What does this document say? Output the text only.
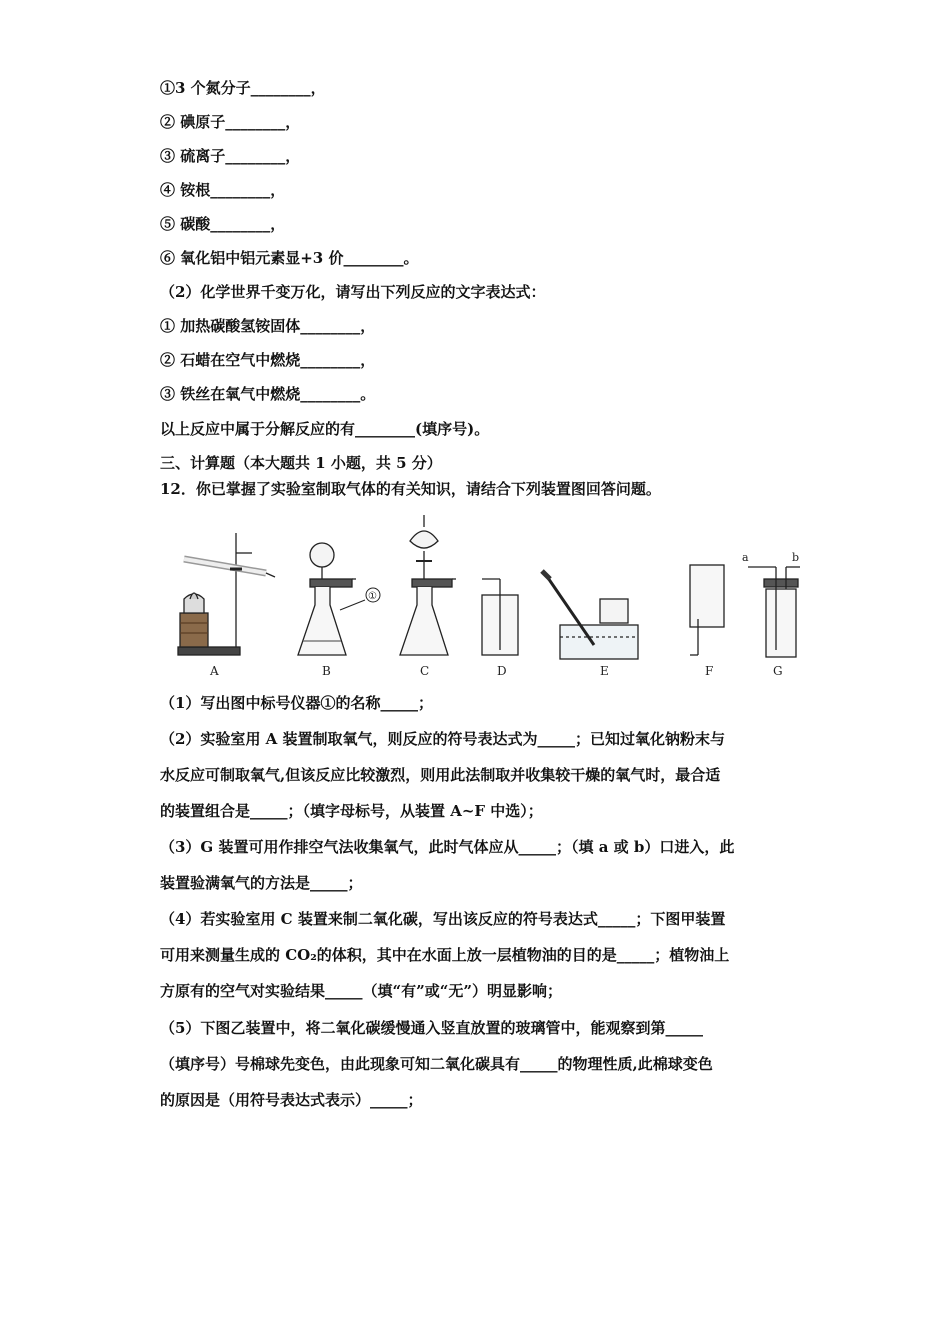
①3 个氮分子________，
② 碘原子________，
③ 硫离子________，
④ 铵根________，
⑤ 碳酸________，
⑥ 氧化铝中铝元素显+3 价________。
（2）化学世界千变万化，请写出下列反应的文字表达式：
① 加热碳酸氢铵固体________，
② 石蜡在空气中燃烧________，
③ 铁丝在氧气中燃烧________。
以上反应中属于分解反应的有________(填序号)。
三、计算题（本大题共 1 小题，共 5 分）
12．你已掌握了实验室制取气体的有关知识，请结合下列装置图回答问题。
A	B	C	D	E	F	G
①
a	b
（1）写出图中标号仪器①的名称_____；
（2）实验室用 A 装置制取氧气，则反应的符号表达式为_____；已知过氧化钠粉末与
水反应可制取氧气,但该反应比较激烈，则用此法制取并收集较干燥的氧气时，最合适
的装置组合是_____；（填字母标号，从装置 A~F 中选）；
（3）G 装置可用作排空气法收集氧气，此时气体应从_____；（填 a 或 b）口进入，此
装置验满氧气的方法是_____；
（4）若实验室用 C 装置来制二氧化碳，写出该反应的符号表达式_____；下图甲装置
可用来测量生成的 CO₂的体积，其中在水面上放一层植物油的目的是_____；植物油上
方原有的空气对实验结果_____（填“有”或“无”）明显影响；
（5）下图乙装置中，将二氧化碳缓慢通入竖直放置的玻璃管中，能观察到第_____
（填序号）号棉球先变色，由此现象可知二氧化碳具有_____的物理性质,此棉球变色
的原因是（用符号表达式表示）_____；
